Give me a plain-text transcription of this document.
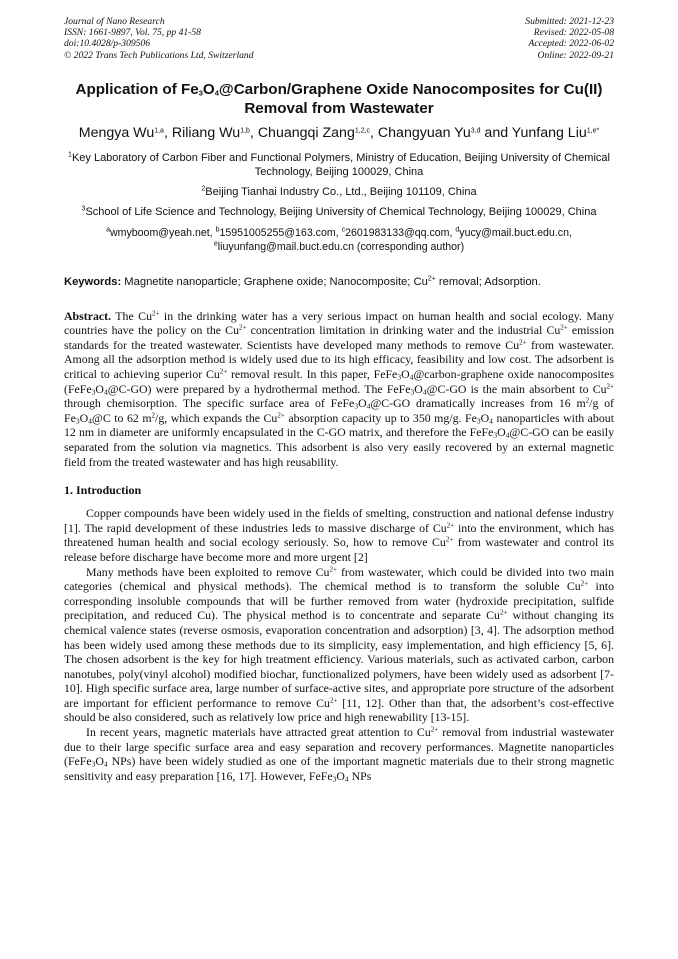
Journal of Nano Research
ISSN: 1661-9897, Vol. 75, pp 41-58
doi:10.4028/p-309506
© 2022 Trans Tech Publications Ltd, Switzerland
Submitted: 2021-12-23
Revised: 2022-05-08
Accepted: 2022-06-02
Online: 2022-09-21
Application of $Fe_3O_4@Carbon$/Graphene Oxide Nanocomposites for Cu(II) Removal from Wastewater
Mengya Wu$^{1,a}$, Riliang Wu$^{1,b}$, Chuangqi Zang$^{1,2,c}$, Changyuan Yu$^{3,d}$ and Yunfang Liu$^{1,e*}$
$^1$Key Laboratory of Carbon Fiber and Functional Polymers, Ministry of Education, Beijing University of Chemical Technology, Beijing 100029, China
$^2$Beijing Tianhai Industry Co., Ltd., Beijing 101109, China
$^3$School of Life Science and Technology, Beijing University of Chemical Technology, Beijing 100029, China
$^a$wmyboom@yeah.net, $^b$15951005255@163.com, $^c$2601983133@qq.com, $^d$yucy@mail.buct.edu.cn,
$^e$liuyunfang@mail.buct.edu.cn (corresponding author)
Keywords: Magnetite nanoparticle; Graphene oxide; Nanocomposite; $Cu^{2+}$ removal; Adsorption.
Abstract. The $Cu^{2+}$ in the drinking water has a very serious impact on human health and social ecology. Many countries have the policy on the $Cu^{2+}$ concentration limitation in drinking water and the industrial $Cu^{2+}$ emission standards for the treated wastewater. Scientists have developed many methods to remove $Cu^{2+}$ from wastewater. Among all the adsorption method is widely used due to its high efficacy, feasibility and low cost. The adsorbent is critical to achieving superior $Cu^{2+}$ removal result. In this paper, $FeFe_3O_4@carbon$-graphene oxide nanocomposites $(FeFe_3O_4@C-GO)$ were prepared by a hydrothermal method. The $FeFe_3O_4@C-GO$ is the main absorbent to $Cu^{2+}$ through chemisorption. The specific surface area of $FeFe_3O_4@C-GO$ dramatically increases from 16 $m^2/g$ of $Fe_3O_4@C$ to 62 $m^2/g$, which expands the $Cu^{2+}$ absorption capacity up to 350 mg/g. $Fe_3O_4$ nanoparticles with about 12 nm in diameter are uniformly encapsulated in the C-GO matrix, and therefore the $FeFe_3O_4@C-GO$ can be easily separated from the solution via magnetics. This adsorbent is also very easily recovered by an external magnetic field from the treated wastewater and has high reusability.
1. Introduction

Copper compounds have been widely used in the fields of smelting, construction and national defense industry [1]. The rapid development of these industries leds to massive discharge of $Cu^{2+}$ into the environment, which has threatened human health and social ecology seriously. So, how to remove $Cu^{2+}$ from wastewater and control its release before discharge have become more and more urgent [2]

Many methods have been exploited to remove $Cu^{2+}$ from wastewater, which could be divided into two main categories (chemical and physical methods). The chemical method is to transform the soluble $Cu^{2+}$ into corresponding insoluble compounds that will be further removed from water (hydroxide precipitation, sulfide precipitation, and reduced Cu). The physical method is to concentrate and separate $Cu^{2+}$ without changing its chemical valence states (reverse osmosis, evaporation concentration and adsorption) [3, 4]. The adsorption method has been widely used among these methods due to its simplicity, easy implementation, and high efficiency [5, 6]. The chosen adsorbent is the key for high treatment efficiency. Various materials, such as activated carbon, carbon nanotubes, poly(vinyl alcohol) modified biochar, functionalized polymers, have been widely used as adsorbent [7-10]. High specific surface area, large number of surface-active sites, and appropriate pore structure of the adsorbent are important for efficient performance to remove $Cu^{2+}$ [11, 12]. Other than that, the adsorbent’s cost-effective should be also considered, such as relatively low price and high renewability [13-15].

In recent years, magnetic materials have attracted great attention to $Cu^{2+}$ removal from industrial wastewater due to their large specific surface area and easy separation and recovery performances. Magnetite nanoparticles ($FeFe_3O_4$ NPs) have been widely studied as one of the important magnetic materials due to their strong magnetic sensitivity and easy preparation [16, 17]. However, $FeFe_3O_4$ NPs
